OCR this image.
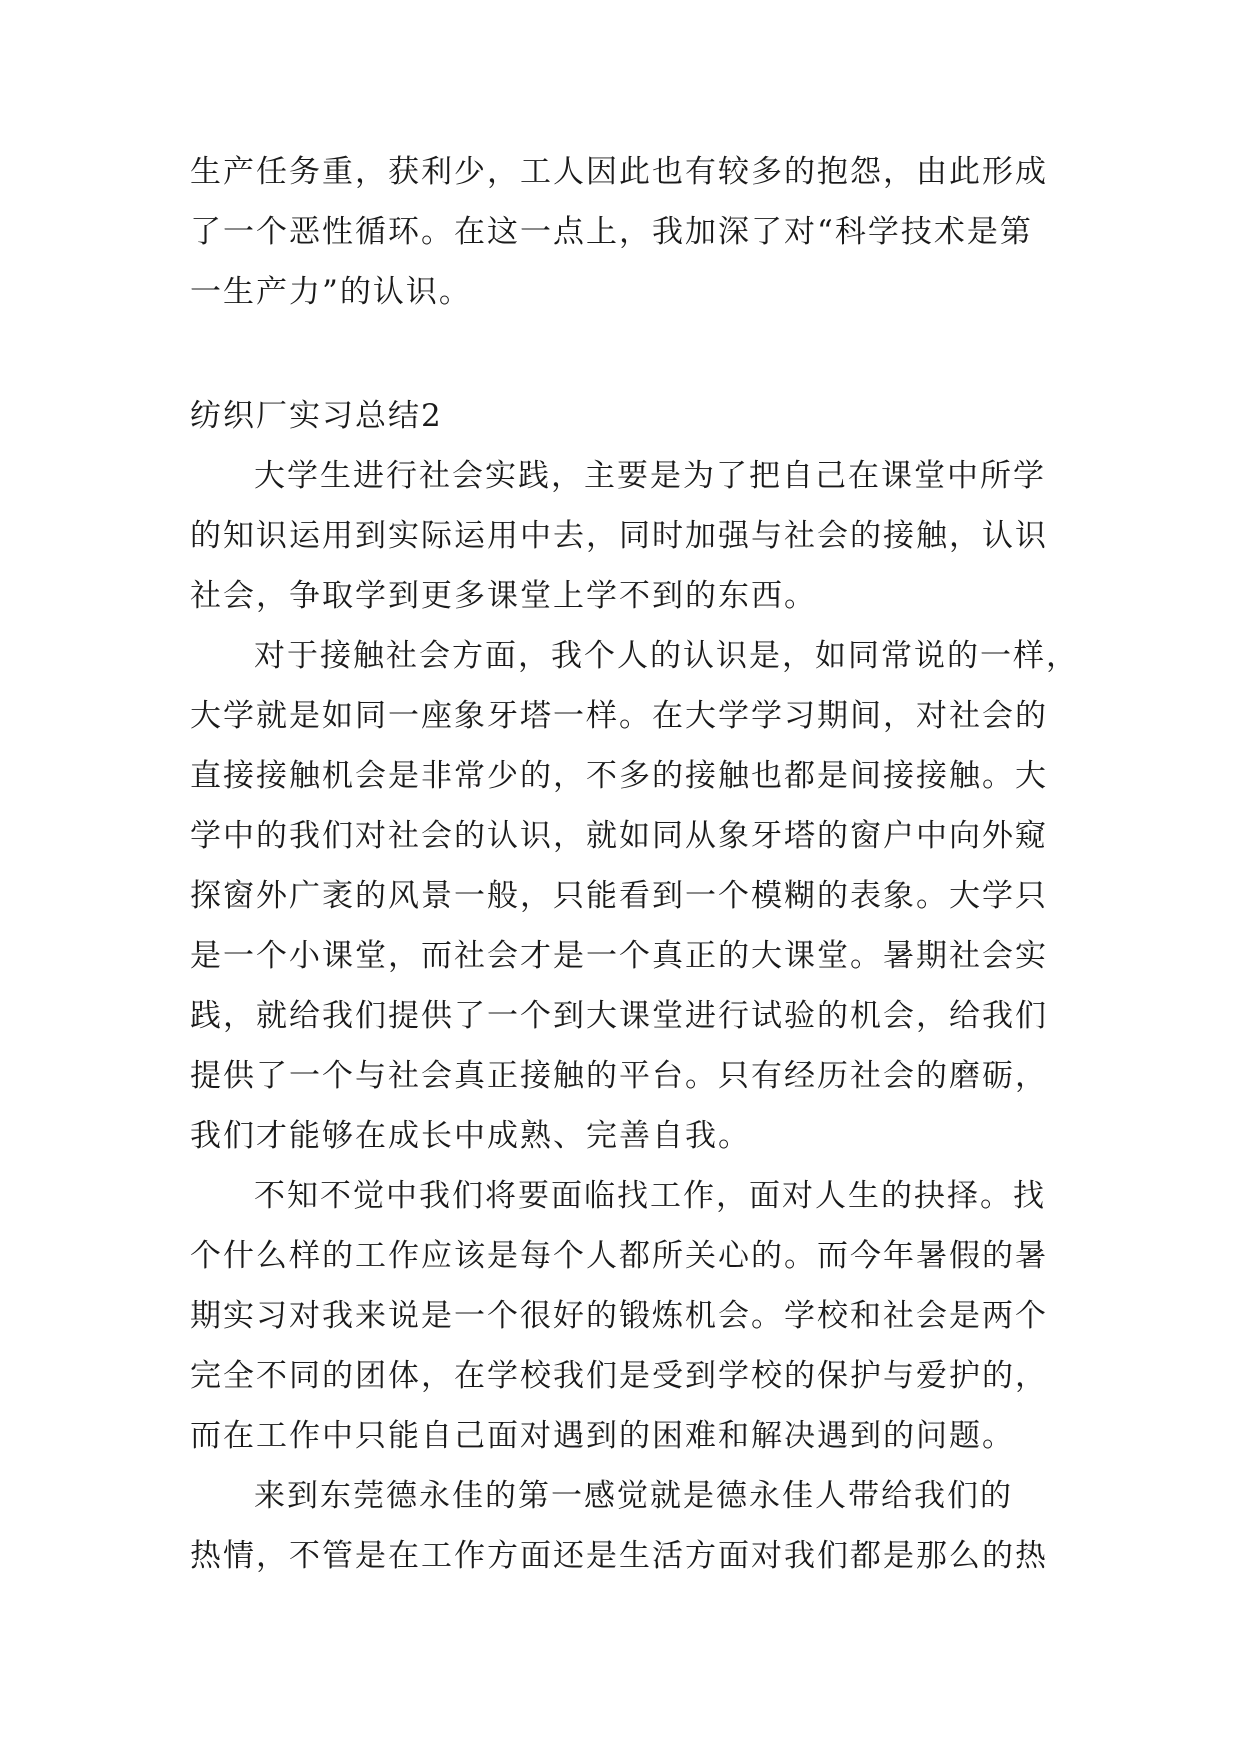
生产任务重，获利少，工人因此也有较多的抱怨，由此形成
了一个恶性循环。在这一点上，我加深了对“科学技术是第
一生产力”的认识。
纺织厂实习总结2
大学生进行社会实践，主要是为了把自己在课堂中所学
的知识运用到实际运用中去，同时加强与社会的接触，认识
社会，争取学到更多课堂上学不到的东西。
对于接触社会方面，我个人的认识是，如同常说的一样，
大学就是如同一座象牙塔一样。在大学学习期间，对社会的
直接接触机会是非常少的，不多的接触也都是间接接触。大
学中的我们对社会的认识，就如同从象牙塔的窗户中向外窥
探窗外广袤的风景一般，只能看到一个模糊的表象。大学只
是一个小课堂，而社会才是一个真正的大课堂。暑期社会实
践，就给我们提供了一个到大课堂进行试验的机会，给我们
提供了一个与社会真正接触的平台。只有经历社会的磨砺，
我们才能够在成长中成熟、完善自我。
不知不觉中我们将要面临找工作，面对人生的抉择。找
个什么样的工作应该是每个人都所关心的。而今年暑假的暑
期实习对我来说是一个很好的锻炼机会。学校和社会是两个
完全不同的团体，在学校我们是受到学校的保护与爱护的，
而在工作中只能自己面对遇到的困难和解决遇到的问题。
来到东莞德永佳的第一感觉就是德永佳人带给我们的
热情，不管是在工作方面还是生活方面对我们都是那么的热
